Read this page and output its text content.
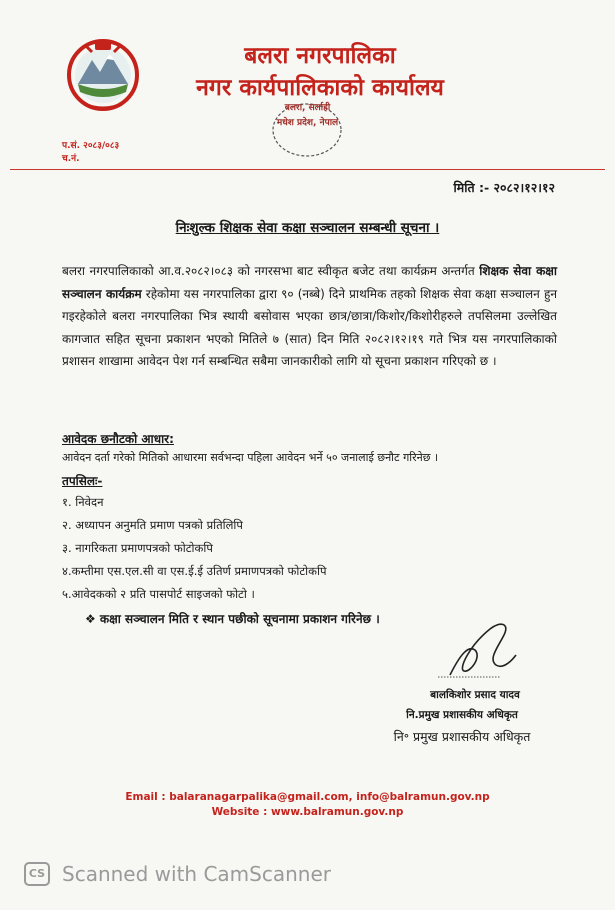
बलरा नगरपालिका
नगर कार्यपालिकाको कार्यालय
बलरा, सर्लाही
मधेश प्रदेश, नेपाल
प.सं. २०८३/०८३
च.नं.
मिति :- २०८२।१२।१२
निःशुल्क शिक्षक सेवा कक्षा सञ्चालन सम्बन्धी सूचना ।
बलरा नगरपालिकाको आ.व.२०८२।०८३ को नगरसभा बाट स्वीकृत बजेट तथा कार्यक्रम अन्तर्गत शिक्षक सेवा कक्षा सञ्चालन कार्यक्रम रहेकोमा यस नगरपालिका द्वारा ९० (नब्बे) दिने प्राथमिक तहको शिक्षक सेवा कक्षा सञ्चालन हुन गइरहेकोले बलरा नगरपालिका भित्र स्थायी बसोवास भएका छात्र/छात्रा/किशोर/किशोरीहरुले तपसिलमा उल्लेखित कागजात सहित सूचना प्रकाशन भएको मितिले ७ (सात) दिन मिति २०८२।१२।१९ गते भित्र यस नगरपालिकाको प्रशासन शाखामा आवेदन पेश गर्न सम्बन्धित सबैमा जानकारीको लागि यो सूचना प्रकाशन गरिएको छ ।
आवेदक छनौटको आधार:
आवेदन दर्ता गरेको मितिको आधारमा सर्वभन्दा पहिला आवेदन भर्ने ५० जनालाई छनौट गरिनेछ ।
तपसिलः-
१. निवेदन
२. अध्यापन अनुमति प्रमाण पत्रको प्रतिलिपि
३. नागरिकता प्रमाणपत्रको फोटोकपि
४.कम्तीमा एस.एल.सी वा एस.ई.ई उतिर्ण प्रमाणपत्रको फोटोकपि
५.आवेदकको २ प्रति पासपोर्ट साइजको फोटो ।
❖ कक्षा सञ्चालन मिति र स्थान पछीको सूचनामा प्रकाशन गरिनेछ ।
बालकिशोर प्रसाद यादव
नि.प्रमुख प्रशासकीय अधिकृत
नि॰ प्रमुख प्रशासकीय अधिकृत
Email : balaranagarpalika@gmail.com, info@balramun.gov.np
Website : www.balramun.gov.np
CS Scanned with CamScanner
